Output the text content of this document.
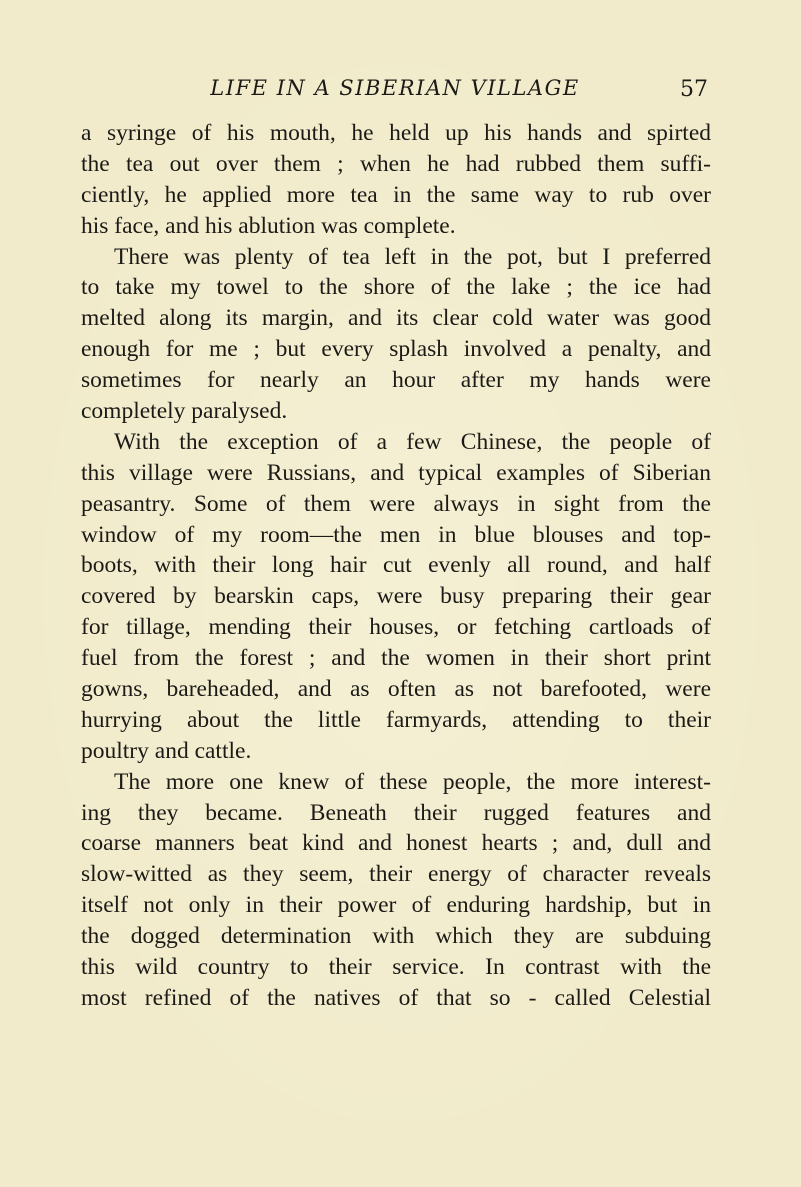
LIFE IN A SIBERIAN VILLAGE	57
a syringe of his mouth, he held up his hands and spirted
the tea out over them ; when he had rubbed them suffi-
ciently, he applied more tea in the same way to rub over
his face, and his ablution was complete.
There was plenty of tea left in the pot, but I preferred
to take my towel to the shore of the lake ; the ice had
melted along its margin, and its clear cold water was good
enough for me ; but every splash involved a penalty, and
sometimes for nearly an hour after my hands were
completely paralysed.
With the exception of a few Chinese, the people of
this village were Russians, and typical examples of Siberian
peasantry. Some of them were always in sight from the
window of my room—the men in blue blouses and top-
boots, with their long hair cut evenly all round, and half
covered by bearskin caps, were busy preparing their gear
for tillage, mending their houses, or fetching cartloads of
fuel from the forest ; and the women in their short print
gowns, bareheaded, and as often as not barefooted, were
hurrying about the little farmyards, attending to their
poultry and cattle.
The more one knew of these people, the more interest-
ing they became. Beneath their rugged features and
coarse manners beat kind and honest hearts ; and, dull and
slow-witted as they seem, their energy of character reveals
itself not only in their power of enduring hardship, but in
the dogged determination with which they are subduing
this wild country to their service. In contrast with the
most refined of the natives of that so - called Celestial
